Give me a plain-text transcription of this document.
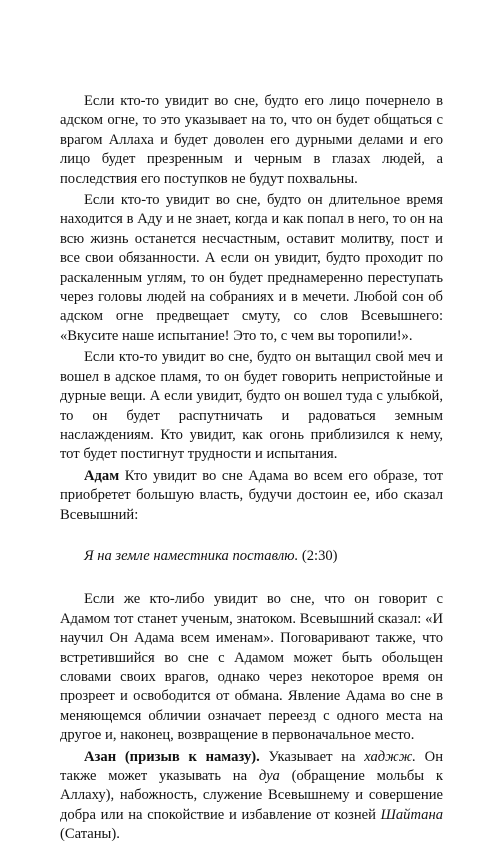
Если кто-то увидит во сне, будто его лицо почернело в адском огне, то это указывает на то, что он будет общаться с врагом Аллаха и будет доволен его дурными делами и его лицо будет презренным и черным в глазах людей, а последствия его поступков не будут похвальны.

Если кто-то увидит во сне, будто он длительное время находится в Аду и не знает, когда и как попал в него, то он на всю жизнь останется несчастным, оставит молитву, пост и все свои обязанности. А если он увидит, будто проходит по раскаленным углям, то он будет преднамеренно переступать через головы людей на собраниях и в мечети. Любой сон об адском огне предвещает смуту, со слов Всевышнего: «Вкусите наше испытание! Это то, с чем вы торопили!».

Если кто-то увидит во сне, будто он вытащил свой меч и вошел в адское пламя, то он будет говорить непристойные и дурные вещи. А если увидит, будто он вошел туда с улыбкой, то он будет распутничать и радоваться земным наслаждениям. Кто увидит, как огонь приблизился к нему, тот будет постигнут трудности и испытания.

Адам Кто увидит во сне Адама во всем его образе, тот приобретет большую власть, будучи достоин ее, ибо сказал Всевышний:

Я на земле наместника поставлю. (2:30)

Если же кто-либо увидит во сне, что он говорит с Адамом тот станет ученым, знатоком. Всевышний сказал: «И научил Он Адама всем именам». Поговаривают также, что встретившийся во сне с Адамом может быть обольщен словами своих врагов, однако через некоторое время он прозреет и освободится от обмана. Явление Адама во сне в меняющемся обличии означает переезд с одного места на другое и, наконец, возвращение в первоначальное место.

Азан (призыв к намазу). Указывает на хаджж. Он также может указывать на дуа (обращение мольбы к Аллаху), набожность, служение Всевышнему и совершение добра или на спокойствие и избавление от козней Шайтана (Сатаны).
